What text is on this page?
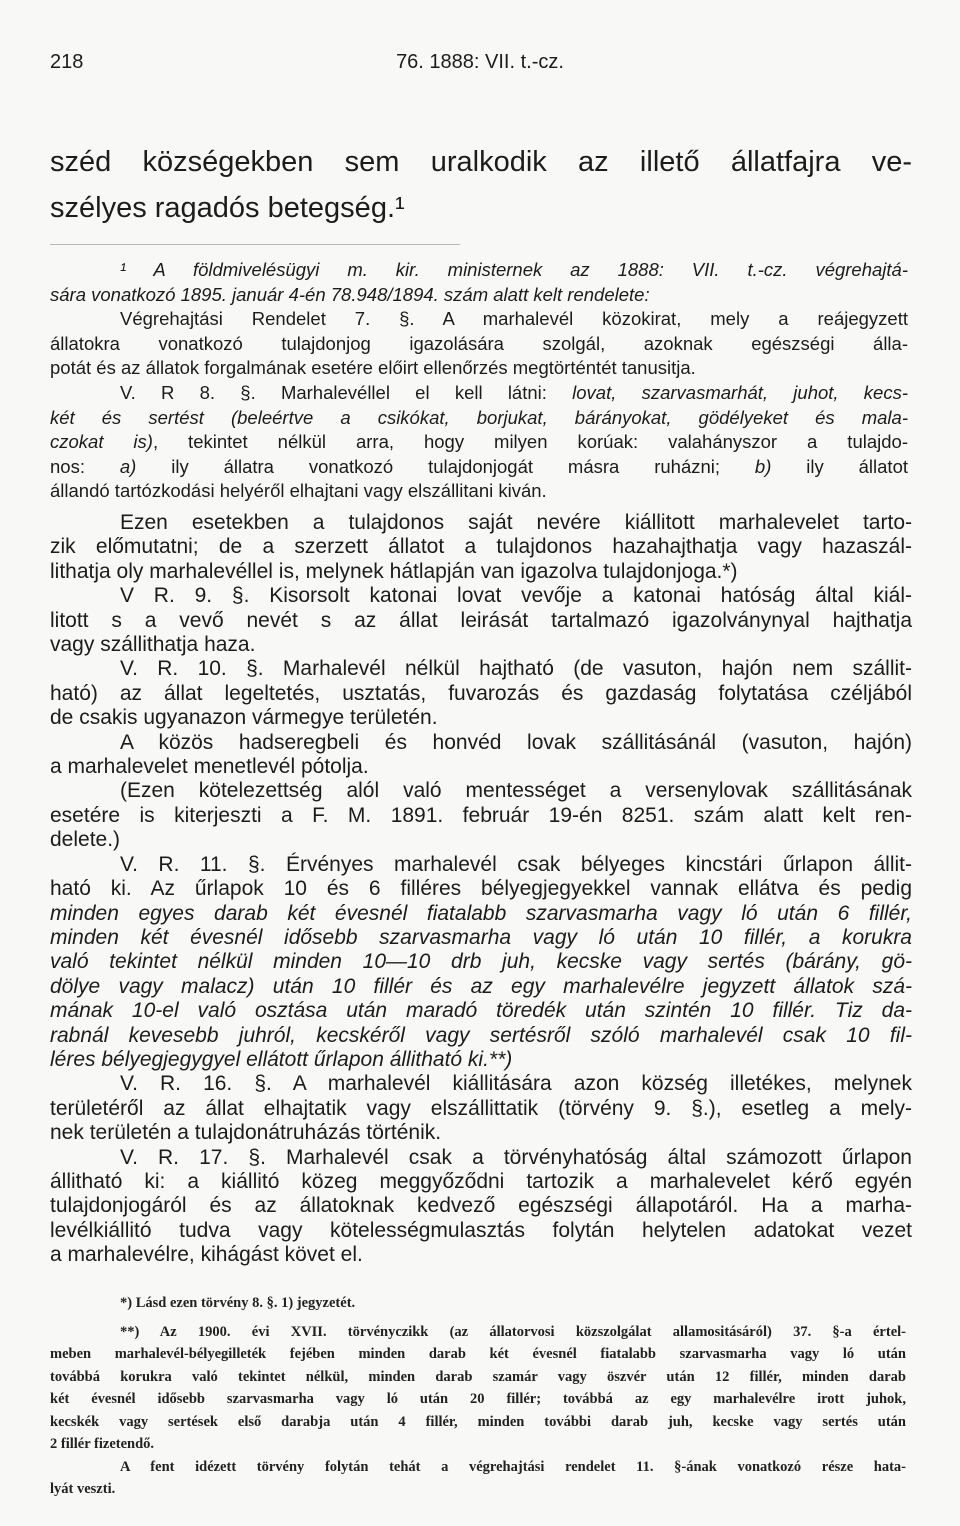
218	76. 1888: VII. t.-cz.
széd községekben sem uralkodik az illető állatfajra ve-
szélyes ragadós betegség.¹
¹ A földmivelésügyi m. kir. ministernek az 1888: VII. t.-cz. végrehajtá-
sára vonatkozó 1895. január 4-én 78.948/1894. szám alatt kelt rendelete:
Végrehajtási Rendelet 7. §. A marhalevél közokirat, mely a reájegyzett
állatokra vonatkozó tulajdonjog igazolására szolgál, azoknak egészségi álla-
potát és az állatok forgalmának esetére előirt ellenőrzés megtörténtét tanusitja.
V. R 8. §. Marhalevéllel el kell látni: lovat, szarvasmarhát, juhot, kecs-
két és sertést (beleértve a csikókat, borjukat, bárányokat, gödélyeket és mala-
czokat is), tekintet nélkül arra, hogy milyen korúak: valahányszor a tulajdo-
nos: a) ily állatra vonatkozó tulajdonjogát másra ruházni; b) ily állatot
állandó tartózkodási helyéről elhajtani vagy elszállitani kiván.
Ezen esetekben a tulajdonos saját nevére kiállitott marhalevelet tarto-
zik előmutatni; de a szerzett állatot a tulajdonos hazahajthatja vagy hazaszál-
lithatja oly marhalevéllel is, melynek hátlapján van igazolva tulajdonjoga.*)
V R. 9. §. Kisorsolt katonai lovat vevője a katonai hatóság által kiál-
litott s a vevő nevét s az állat leirását tartalmazó igazolványnyal hajthatja
vagy szállithatja haza.
V. R. 10. §. Marhalevél nélkül hajtható (de vasuton, hajón nem szállit-
ható) az állat legeltetés, usztatás, fuvarozás és gazdaság folytatása czéljából
de csakis ugyanazon vármegye területén.
A közös hadseregbeli és honvéd lovak szállitásánál (vasuton, hajón)
a marhalevelet menetlevél pótolja.
(Ezen kötelezettség alól való mentességet a versenylovak szállitásának
esetére is kiterjeszti a F. M. 1891. február 19-én 8251. szám alatt kelt ren-
delete.)
V. R. 11. §. Érvényes marhalevél csak bélyeges kincstári űrlapon állit-
ható ki. Az űrlapok 10 és 6 filléres bélyegjegyekkel vannak ellátva és pedig
minden egyes darab két évesnél fiatalabb szarvasmarha vagy ló után 6 fillér,
minden két évesnél idősebb szarvasmarha vagy ló után 10 fillér, a korukra
való tekintet nélkül minden 10—10 drb juh, kecske vagy sertés (bárány, gö-
dölye vagy malacz) után 10 fillér és az egy marhalevélre jegyzett állatok szá-
mának 10-el való osztása után maradó töredék után szintén 10 fillér. Tiz da-
rabnál kevesebb juhról, kecskéről vagy sertésről szóló marhalevél csak 10 fil-
léres bélyegjegygyel ellátott űrlapon állitható ki.**)
V. R. 16. §. A marhalevél kiállitására azon község illetékes, melynek
területéről az állat elhajtatik vagy elszállittatik (törvény 9. §.), esetleg a mely-
nek területén a tulajdonátruházás történik.
V. R. 17. §. Marhalevél csak a törvényhatóság által számozott űrlapon
állitható ki: a kiállitó közeg meggyőződni tartozik a marhalevelet kérő egyén
tulajdonjogáról és az állatoknak kedvező egészségi állapotáról. Ha a marha-
levélkiállitó tudva vagy kötelességmulasztás folytán helytelen adatokat vezet
a marhalevélre, kihágást követ el.
*) Lásd ezen törvény 8. §. 1) jegyzetét.
**) Az 1900. évi XVII. törvényczikk (az állatorvosi közszolgálat allamositásáról) 37. §-a értel-
meben marhalevél-bélyegilleték fejében minden darab két évesnél fiatalabb szarvasmarha vagy ló után
továbbá korukra való tekintet nélkül, minden darab szamár vagy öszvér után 12 fillér, minden darab
két évesnél idősebb szarvasmarha vagy ló után 20 fillér; továbbá az egy marhalevélre irott juhok,
kecskék vagy sertések első darabja után 4 fillér, minden további darab juh, kecske vagy sertés után
2 fillér fizetendő.
A fent idézett törvény folytán tehát a végrehajtási rendelet 11. §-ának vonatkozó része hata-
lyát veszti.
